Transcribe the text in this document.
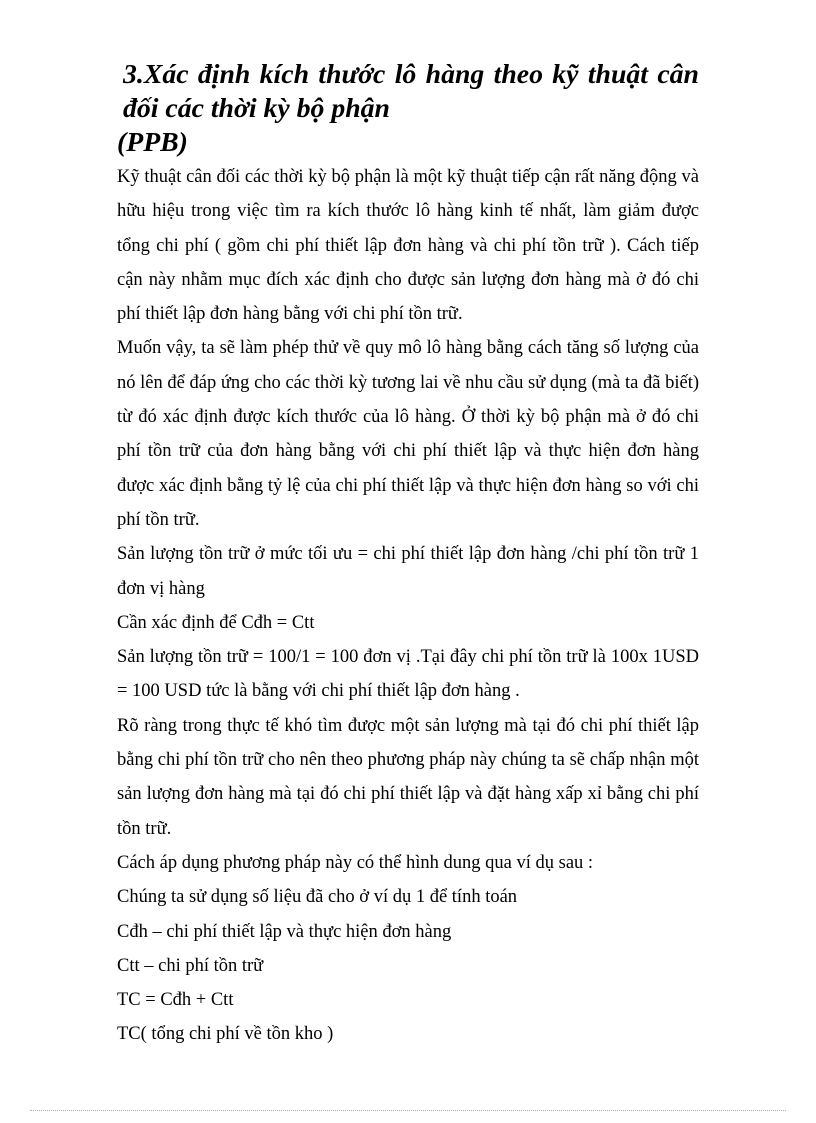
3.Xác định kích thước lô hàng theo kỹ thuật cân đối các thời kỳ bộ phận
(PPB)

Kỹ thuật cân đối các thời kỳ bộ phận là một kỹ thuật tiếp cận rất năng động và hữu hiệu trong việc tìm ra kích thước lô hàng kinh tế nhất, làm giảm được tổng chi phí ( gồm chi phí thiết lập đơn hàng và chi phí tồn trữ ). Cách tiếp cận này nhằm mục đích xác định cho được sản lượng đơn hàng mà ở đó chi phí thiết lập đơn hàng bằng với chi phí tồn trữ.

Muốn vậy, ta sẽ làm phép thử về quy mô lô hàng bằng cách tăng số lượng của nó lên để đáp ứng cho các thời kỳ tương lai về nhu cầu sử dụng (mà ta đã biết) từ đó xác định được kích thước của lô hàng. Ở thời kỳ bộ phận mà ở đó chi phí tồn trữ của đơn hàng bằng với chi phí thiết lập và thực hiện đơn hàng được xác định bằng tỷ lệ của chi phí thiết lập và thực hiện đơn hàng so với chi phí tồn trữ.

Sản lượng tồn trữ ở mức tối ưu = chi phí thiết lập đơn hàng /chi phí tồn trữ 1 đơn vị hàng

Cần xác định để Cđh = Ctt

Sản lượng tồn trữ = 100/1 = 100 đơn vị .Tại đây chi phí tồn trữ là 100x 1USD = 100 USD tức là bằng với chi phí thiết lập đơn hàng .

Rõ ràng trong thực tế khó tìm được một sản lượng mà tại đó chi phí thiết lập bằng chi phí tồn trữ cho nên theo phương pháp này chúng ta sẽ chấp nhận một sản lượng đơn hàng mà tại đó chi phí thiết lập và đặt hàng xấp xỉ bằng chi phí tồn trữ.

Cách áp dụng phương pháp này có thể hình dung qua ví dụ sau :

Chúng ta sử dụng số liệu đã cho ở ví dụ 1 để tính toán

Cđh – chi phí thiết lập và thực hiện đơn hàng

Ctt – chi phí tồn trữ

TC = Cđh + Ctt

TC( tổng chi phí về tồn kho )
